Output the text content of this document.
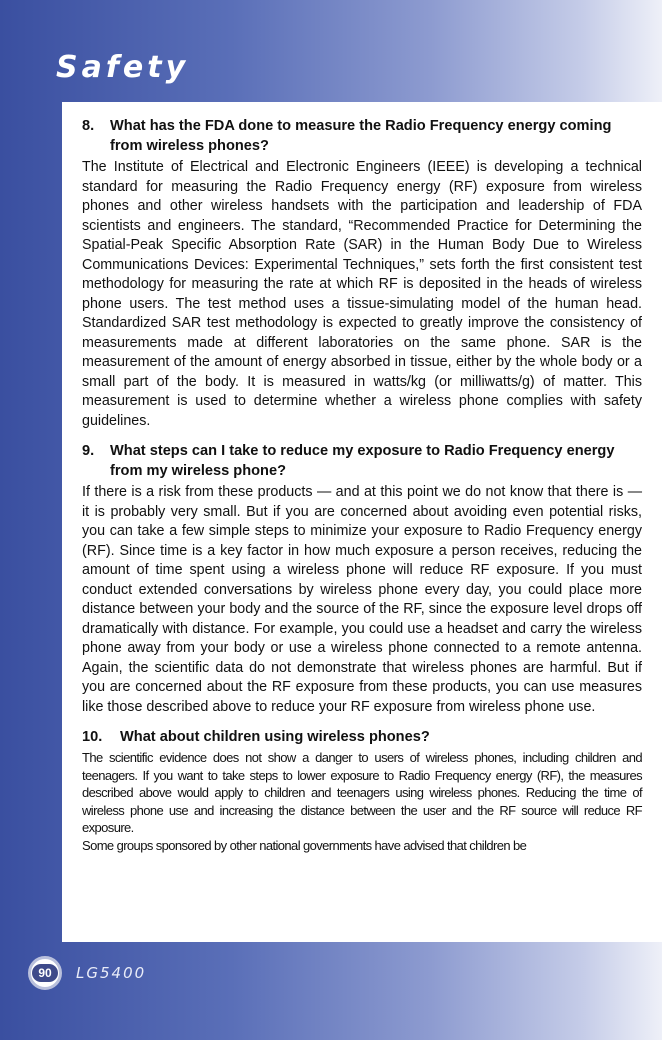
Safety
8.	What has the FDA done to measure the Radio Frequency energy coming from wireless phones?

The Institute of Electrical and Electronic Engineers (IEEE) is developing a technical standard for measuring the Radio Frequency energy (RF) exposure from wireless phones and other wireless handsets with the participation and leadership of FDA scientists and engineers. The standard, “Recommended Practice for Determining the Spatial-Peak Specific Absorption Rate (SAR) in the Human Body Due to Wireless Communications Devices: Experimental Techniques,” sets forth the first consistent test methodology for measuring the rate at which RF is deposited in the heads of wireless phone users. The test method uses a tissue-simulating model of the human head. Standardized SAR test methodology is expected to greatly improve the consistency of measurements made at different laboratories on the same phone. SAR is the measurement of the amount of energy absorbed in tissue, either by the whole body or a small part of the body. It is measured in watts/kg (or milliwatts/g) of matter. This measurement is used to determine whether a wireless phone complies with safety guidelines.

9.	What steps can I take to reduce my exposure to Radio Frequency energy from my wireless phone?

If there is a risk from these products — and at this point we do not know that there is — it is probably very small. But if you are concerned about avoiding even potential risks, you can take a few simple steps to minimize your exposure to Radio Frequency energy (RF). Since time is a key factor in how much exposure a person receives, reducing the amount of time spent using a wireless phone will reduce RF exposure. If you must conduct extended conversations by wireless phone every day, you could place more distance between your body and the source of the RF, since the exposure level drops off dramatically with distance. For example, you could use a headset and carry the wireless phone away from your body or use a wireless phone connected to a remote antenna. Again, the scientific data do not demonstrate that wireless phones are harmful. But if you are concerned about the RF exposure from these products, you can use measures like those described above to reduce your RF exposure from wireless phone use.

10.	What about children using wireless phones?

The scientific evidence does not show a danger to users of wireless phones, including children and teenagers. If you want to take steps to lower exposure to Radio Frequency energy (RF), the measures described above would apply to children and teenagers using wireless phones. Reducing the time of wireless phone use and increasing the distance between the user and the RF source will reduce RF exposure.

Some groups sponsored by other national governments have advised that children be

90	LG5400
